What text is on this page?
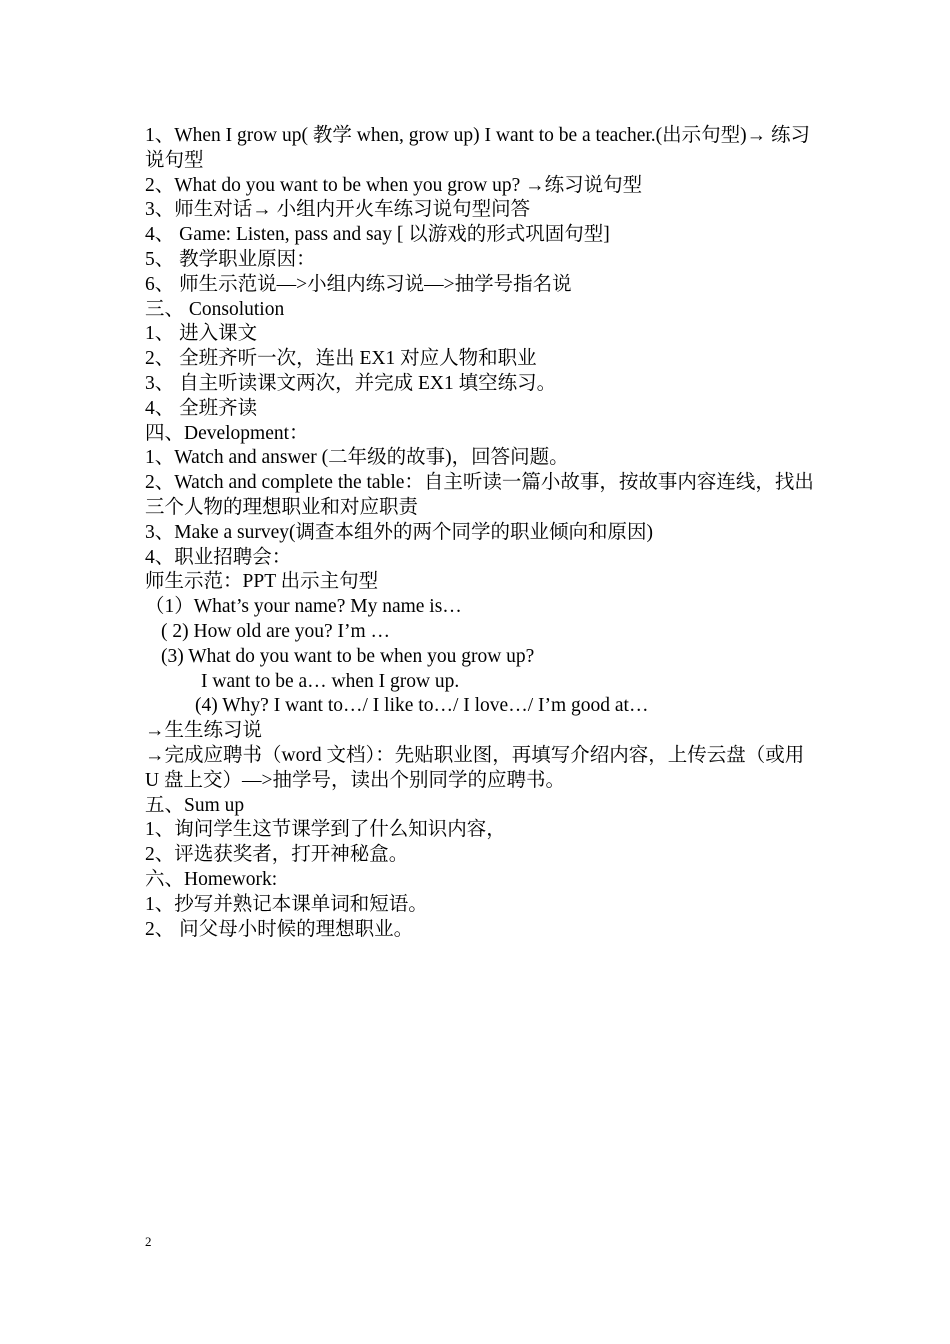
1、When I grow up( 教学 when, grow up) I want to be a teacher.(出示句型)→ 练习说句型
2、What do you want to be when you grow up? →练习说句型
3、师生对话→ 小组内开火车练习说句型问答
4、 Game: Listen, pass and say [ 以游戏的形式巩固句型]
5、 教学职业原因：
6、 师生示范说—>小组内练习说—>抽学号指名说
三、 Consolution
1、 进入课文
2、 全班齐听一次，连出 EX1 对应人物和职业
3、 自主听读课文两次，并完成 EX1 填空练习。
4、 全班齐读
四、Development：
1、Watch and answer (二年级的故事)，回答问题。
2、Watch and complete the table：自主听读一篇小故事，按故事内容连线，找出三个人物的理想职业和对应职责
3、Make a survey(调查本组外的两个同学的职业倾向和原因)
4、职业招聘会：
师生示范：PPT 出示主句型
（1）What’s your name? My name is…
( 2) How old are you? I’m …
(3) What do you want to be when you grow up?
I want to be a… when I grow up.
(4) Why? I want to…/ I like to…/ I love…/ I’m good at…
→生生练习说
→完成应聘书（word 文档）：先贴职业图，再填写介绍内容，上传云盘（或用 U 盘上交）—>抽学号，读出个别同学的应聘书。
五、Sum up
1、询问学生这节课学到了什么知识内容，
2、评选获奖者，打开神秘盒。
六、Homework:
1、抄写并熟记本课单词和短语。
2、 问父母小时候的理想职业。
2
